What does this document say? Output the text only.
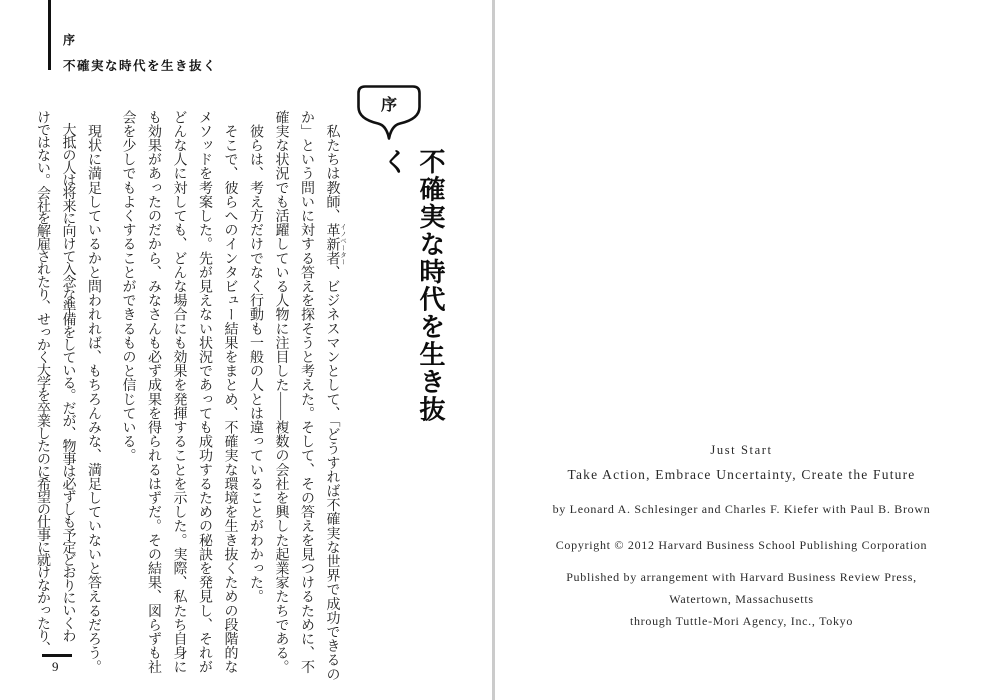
序
不確実な時代を生き抜く
序
不確実な時代を生き抜く
　私たちは教師、革新者 イノベーター、ビジネスマンとして、「どうすれば不確実な世界で成功できるの
か」という問いに対する答えを探そうと考えた。そして、その答えを見つけるために、不
確実な状況でも活躍している人物に注目した——複数の会社を興した起業家たちである。
　彼らは、考え方だけでなく行動も一般の人とは違っていることがわかった。
　そこで、彼らへのインタビュー結果をまとめ、不確実な環境を生き抜くための段階的な
メソッドを考案した。先が見えない状況であっても成功するための秘訣を発見し、それが
どんな人に対しても、どんな場合にも効果を発揮することを示した。実際、私たち自身に
も効果があったのだから、みなさんも必ず成果を得られるはずだ。その結果、図らずも社
会を少しでもよくすることができるものと信じている。
　現状に満足しているかと問われれば、もちろんみな、満足していないと答えるだろう。
　大抵の人は将来に向けて入念な準備をしている。だが、物事は必ずしも予定どおりにいくわ
けではない。会社を解雇されたり、せっかく大学を卒業したのに希望の仕事に就けなかったり、
9
Just Start
Take Action, Embrace Uncertainty, Create the Future
by Leonard A. Schlesinger and Charles F. Kiefer with Paul B. Brown
Copyright © 2012 Harvard Business School Publishing Corporation
Published by arrangement with Harvard Business Review Press,
Watertown, Massachusetts
through Tuttle-Mori Agency, Inc., Tokyo
